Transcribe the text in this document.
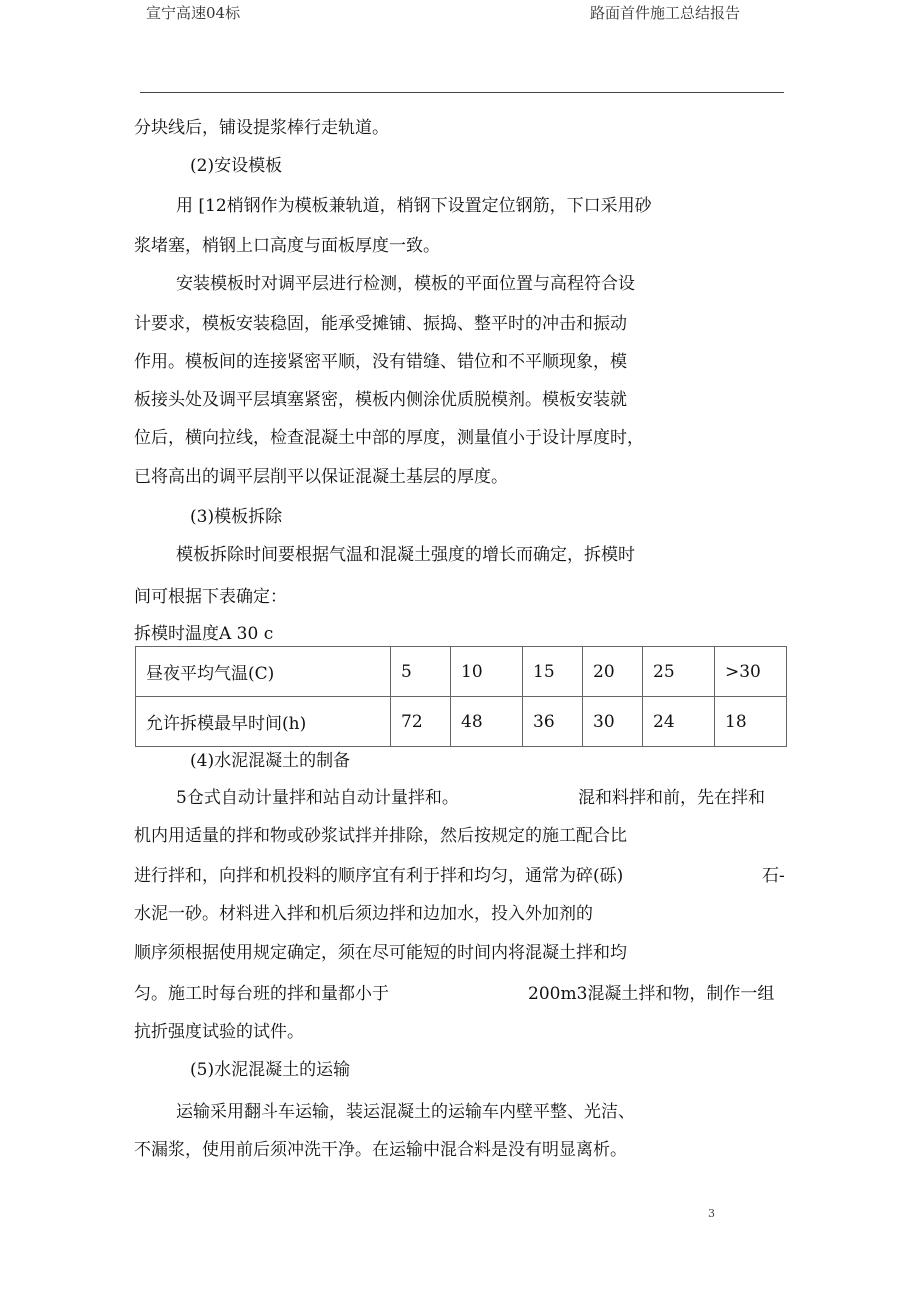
宣宁高速04标	路面首件施工总结报告
分块线后，铺设提浆棒行走轨道。
(2)安设模板
用 [12梢钢作为模板兼轨道，梢钢下设置定位钢筋，下口采用砂
浆堵塞，梢钢上口高度与面板厚度一致。
安装模板时对调平层进行检测，模板的平面位置与高程符合设
计要求，模板安装稳固，能承受摊铺、振捣、整平时的冲击和振动
作用。模板间的连接紧密平顺，没有错缝、错位和不平顺现象，模
板接头处及调平层填塞紧密，模板内侧涂优质脱模剂。模板安装就
位后，横向拉线，检查混凝土中部的厚度，测量值小于设计厚度时，
已将高出的调平层削平以保证混凝土基层的厚度。
(3)模板拆除
模板拆除时间要根据气温和混凝土强度的增长而确定，拆模时
间可根据下表确定：
拆模时温度A 30 c
昼夜平均气温(C)	5	10	15	20	25	>30
允许拆模最早时间(h)	72	48	36	30	24	18
(4)水泥混凝土的制备
5仓式自动计量拌和站自动计量拌和。	混和料拌和前，先在拌和
机内用适量的拌和物或砂浆试拌并排除，然后按规定的施工配合比
进行拌和，向拌和机投料的顺序宜有利于拌和均匀，通常为碎(砾)	石-
水泥一砂。材料进入拌和机后须边拌和边加水，投入外加剂的
顺序须根据使用规定确定，须在尽可能短的时间内将混凝土拌和均
匀。施工时每台班的拌和量都小于	200m3混凝土拌和物，制作一组
抗折强度试验的试件。
(5)水泥混凝土的运输
运输采用翻斗车运输，装运混凝土的运输车内壁平整、光洁、
不漏浆，使用前后须冲洗干净。在运输中混合料是没有明显离析。
3
